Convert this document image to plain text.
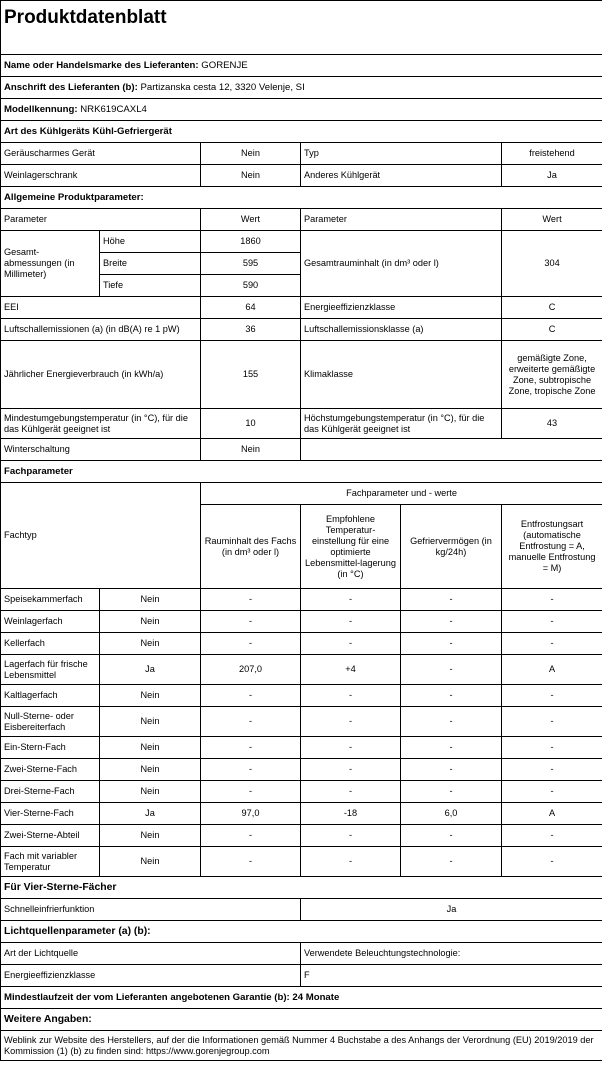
Produktdatenblatt					
Name oder Handelsmarke des Lieferanten: GORENJE					
Anschrift des Lieferanten (b): Partizanska cesta 12, 3320 Velenje, SI					
Modellkennung: NRK619CAXL4					
Art des Kühlgeräts Kühl-Gefriergerät					
Geräuscharmes Gerät		Nein	Typ		freistehend
Weinlagerschrank		Nein	Anderes Kühlgerät		Ja
Allgemeine Produktparameter:					
Parameter		Wert	Parameter		Wert
Gesamt-abmessungen (in Millimeter)	Höhe	1860	Gesamtrauminhalt (in dm³ oder l)		304
	Breite	595			
	Tiefe	590			
EEI		64	Energieeffizienzklasse		C
Luftschallemissionen (a) (in dB(A) re 1 pW)		36	Luftschallemissionsklasse (a)		C
Jährlicher Energieverbrauch (in kWh/a)		155	Klimaklasse		gemäßigte Zone, erweiterte gemäßigte Zone, subtropische Zone, tropische Zone
Mindestumgebungstemperatur (in °C), für die das Kühlgerät geeignet ist		10	Höchstumgebungstemperatur (in °C), für die das Kühlgerät geeignet ist		43
Winterschaltung		Nein			
Fachparameter					
Fachtyp		Fachparameter und - werte			
		Rauminhalt des Fachs (in dm³ oder l)	Empfohlene Temperatur-einstellung für eine optimierte Lebensmittel-lagerung (in °C)	Gefriervermögen (in kg/24h)	Entfrostungsart (automatische Entfrostung = A, manuelle Entfrostung = M)
Speisekammerfach	Nein	-	-	-	-
Weinlagerfach	Nein	-	-	-	-
Kellerfach	Nein	-	-	-	-
Lagerfach für frische Lebensmittel	Ja	207,0	+4	-	A
Kaltlagerfach	Nein	-	-	-	-
Null-Sterne- oder Eisbereiterfach	Nein	-	-	-	-
Ein-Stern-Fach	Nein	-	-	-	-
Zwei-Sterne-Fach	Nein	-	-	-	-
Drei-Sterne-Fach	Nein	-	-	-	-
Vier-Sterne-Fach	Ja	97,0	-18	6,0	A
Zwei-Sterne-Abteil	Nein	-	-	-	-
Fach mit variabler Temperatur	Nein	-	-	-	-
Für Vier-Sterne-Fächer					
Schnelleinfrierfunktion			Ja		
Lichtquellenparameter (a) (b):					
Art der Lichtquelle			Verwendete Beleuchtungstechnologie:		
Energieeffizienzklasse			F		
Mindestlaufzeit der vom Lieferanten angebotenen Garantie (b): 24 Monate					
Weitere Angaben:					
Weblink zur Website des Herstellers, auf der die Informationen gemäß Nummer 4 Buchstabe a des Anhangs der Verordnung (EU) 2019/2019 der Kommission (1) (b) zu finden sind: https://www.gorenjegroup.com					
